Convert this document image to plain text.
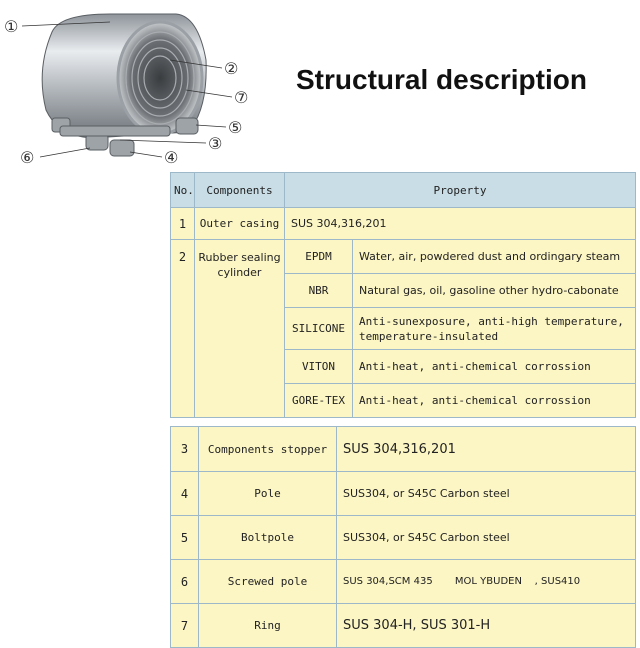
①
②
⑦
⑤
③
⑥	④
Structural description
No.	Components	Property	
1	Outer casing	SUS 304,316,201	
2	Rubber sealing cylinder	EPDM	Water, air, powdered dust and ordingary steam
		NBR	Natural gas, oil, gasoline other hydro-cabonate
		SILICONE	Anti-sunexposure, anti-high temperature, temperature-insulated
		VITON	Anti-heat, anti-chemical corrossion
		GORE-TEX	Anti-heat, anti-chemical corrossion
3	Components stopper	SUS 304,316,201
4	Pole	SUS304, or S45C Carbon steel
5	Boltpole	SUS304, or S45C Carbon steel
6	Screwed pole	SUS 304,SCM 435       MOL YBUDEN    , SUS410
7	Ring	SUS 304-H, SUS 301-H
